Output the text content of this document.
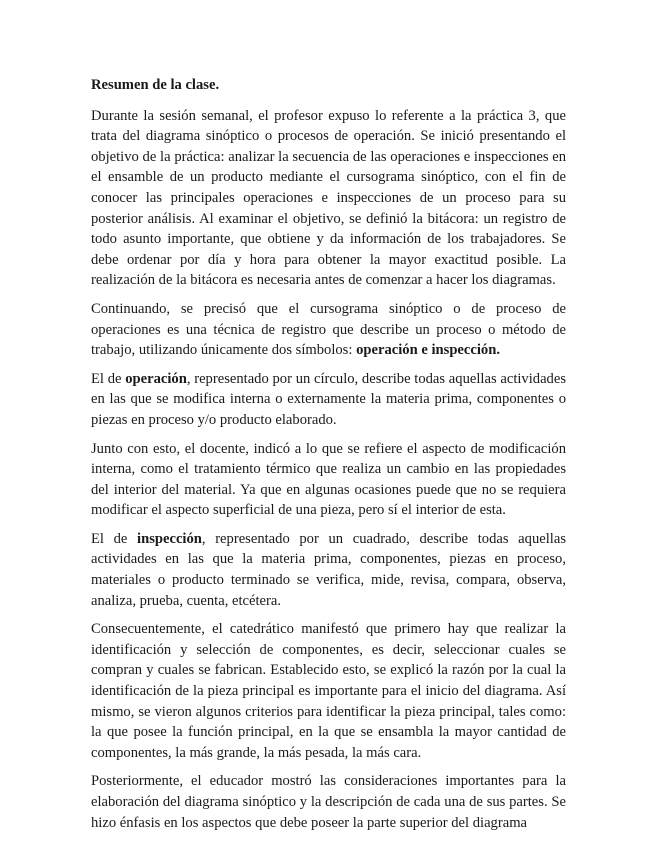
Resumen de la clase.

Durante la sesión semanal, el profesor expuso lo referente a la práctica 3, que trata del diagrama sinóptico o procesos de operación. Se inició presentando el objetivo de la práctica: analizar la secuencia de las operaciones e inspecciones en el ensamble de un producto mediante el cursograma sinóptico, con el fin de conocer las principales operaciones e inspecciones de un proceso para su posterior análisis. Al examinar el objetivo, se definió la bitácora: un registro de todo asunto importante, que obtiene y da información de los trabajadores. Se debe ordenar por día y hora para obtener la mayor exactitud posible. La realización de la bitácora es necesaria antes de comenzar a hacer los diagramas.

Continuando, se precisó que el cursograma sinóptico o de proceso de operaciones es una técnica de registro que describe un proceso o método de trabajo, utilizando únicamente dos símbolos: operación e inspección.

El de operación, representado por un círculo, describe todas aquellas actividades en las que se modifica interna o externamente la materia prima, componentes o piezas en proceso y/o producto elaborado.

Junto con esto, el docente, indicó a lo que se refiere el aspecto de modificación interna, como el tratamiento térmico que realiza un cambio en las propiedades del interior del material. Ya que en algunas ocasiones puede que no se requiera modificar el aspecto superficial de una pieza, pero sí el interior de esta.

El de inspección, representado por un cuadrado, describe todas aquellas actividades en las que la materia prima, componentes, piezas en proceso, materiales o producto terminado se verifica, mide, revisa, compara, observa, analiza, prueba, cuenta, etcétera.

Consecuentemente, el catedrático manifestó que primero hay que realizar la identificación y selección de componentes, es decir, seleccionar cuales se compran y cuales se fabrican. Establecido esto, se explicó la razón por la cual la identificación de la pieza principal es importante para el inicio del diagrama. Así mismo, se vieron algunos criterios para identificar la pieza principal, tales como: la que posee la función principal, en la que se ensambla la mayor cantidad de componentes, la más grande, la más pesada, la más cara.

Posteriormente, el educador mostró las consideraciones importantes para la elaboración del diagrama sinóptico y la descripción de cada una de sus partes. Se hizo énfasis en los aspectos que debe poseer la parte superior del diagrama
